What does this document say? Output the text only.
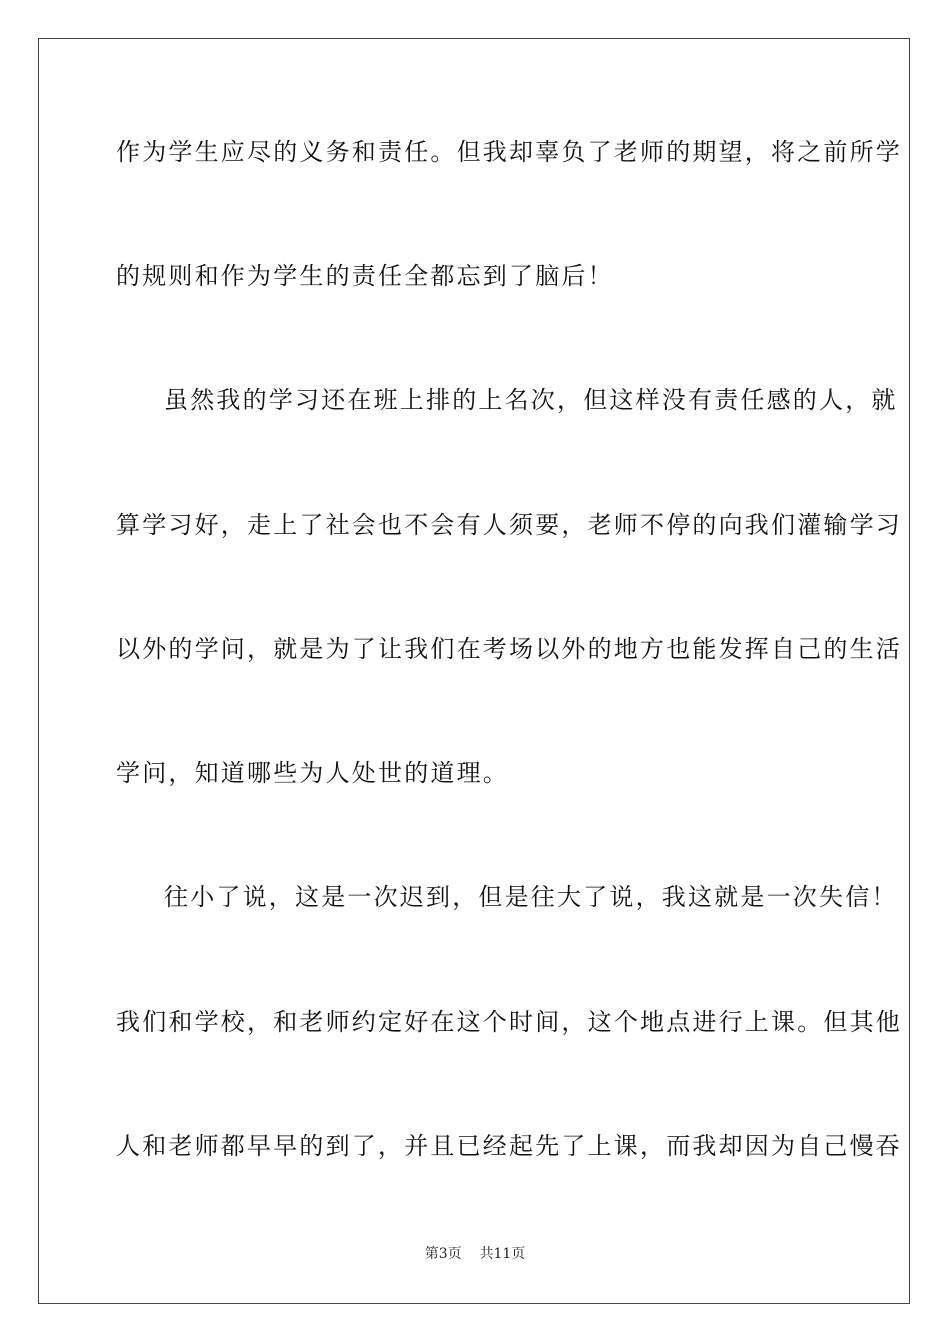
作为学生应尽的义务和责任。但我却辜负了老师的期望，将之前所学
的规则和作为学生的责任全都忘到了脑后！
虽然我的学习还在班上排的上名次，但这样没有责任感的人，就
算学习好，走上了社会也不会有人须要，老师不停的向我们灌输学习
以外的学问，就是为了让我们在考场以外的地方也能发挥自己的生活
学问，知道哪些为人处世的道理。
往小了说，这是一次迟到，但是往大了说，我这就是一次失信！
我们和学校，和老师约定好在这个时间，这个地点进行上课。但其他
人和老师都早早的到了，并且已经起先了上课，而我却因为自己慢吞
第3页    共11页
